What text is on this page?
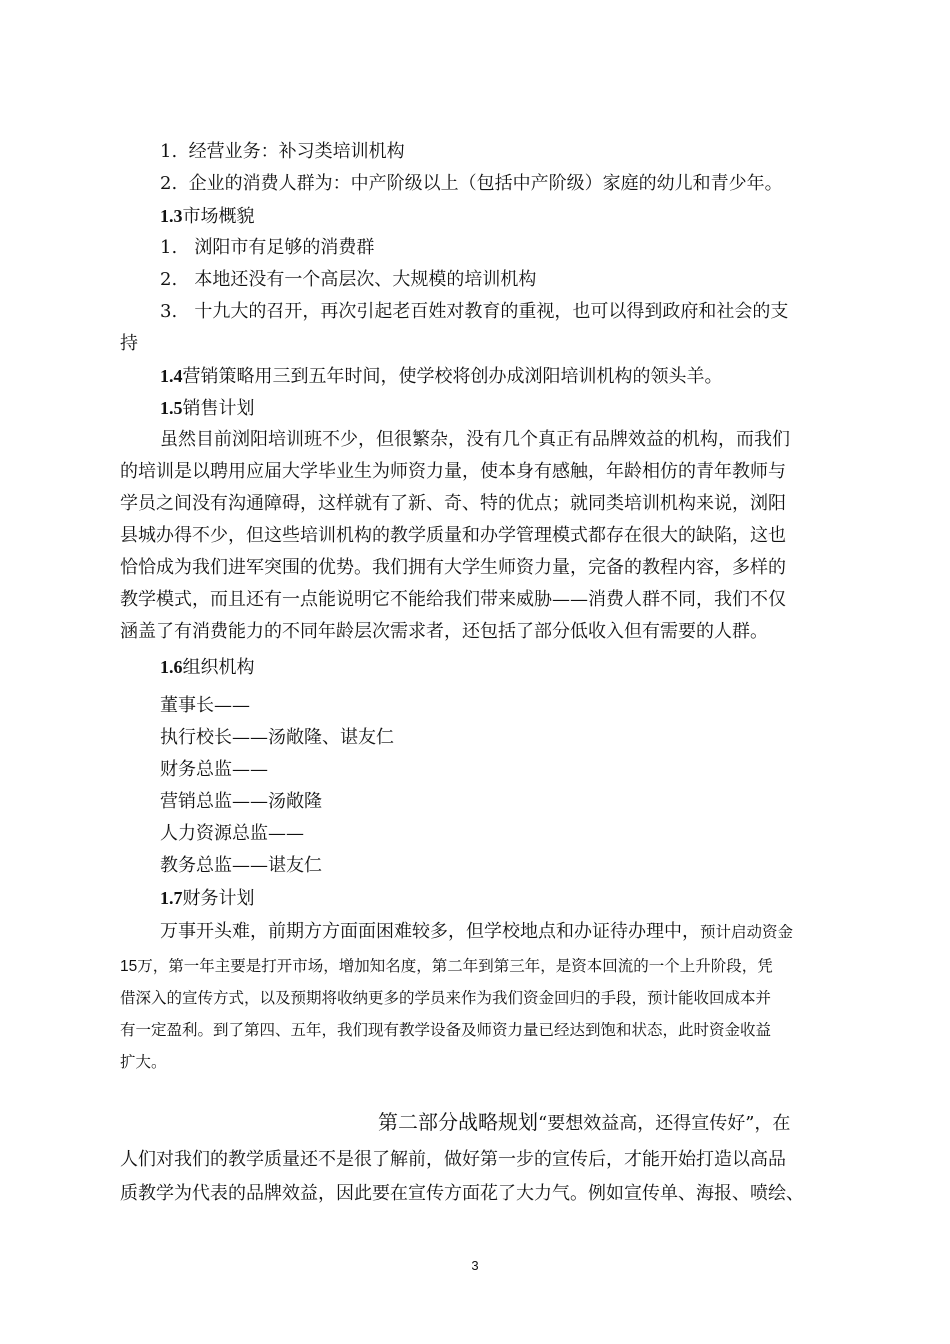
1. 经营业务：补习类培训机构
2. 企业的消费人群为：中产阶级以上（包括中产阶级）家庭的幼儿和青少年。
1.3市场概貌
1. 浏阳市有足够的消费群
2. 本地还没有一个高层次、大规模的培训机构
3. 十九大的召开，再次引起老百姓对教育的重视，也可以得到政府和社会的支
持
1.4营销策略用三到五年时间，使学校将创办成浏阳培训机构的领头羊。
1.5销售计划
虽然目前浏阳培训班不少，但很繁杂，没有几个真正有品牌效益的机构，而我们
的培训是以聘用应届大学毕业生为师资力量，使本身有感触，年龄相仿的青年教师与
学员之间没有沟通障碍，这样就有了新、奇、特的优点；就同类培训机构来说，浏阳
县城办得不少，但这些培训机构的教学质量和办学管理模式都存在很大的缺陷，这也
恰恰成为我们进军突围的优势。我们拥有大学生师资力量，完备的教程内容，多样的
教学模式，而且还有一点能说明它不能给我们带来威胁——消费人群不同，我们不仅
涵盖了有消费能力的不同年龄层次需求者，还包括了部分低收入但有需要的人群。
1.6组织机构
董事长——
执行校长——汤敞隆、谌友仁
财务总监——
营销总监——汤敞隆
人力资源总监——
教务总监——谌友仁
1.7财务计划
万事开头难，前期方方面面困难较多，但学校地点和办证待办理中，预计启动资金
15万，第一年主要是打开市场，增加知名度，第二年到第三年，是资本回流的一个上升阶段，凭
借深入的宣传方式，以及预期将收纳更多的学员来作为我们资金回归的手段，预计能收回成本并
有一定盈利。到了第四、五年，我们现有教学设备及师资力量已经达到饱和状态，此时资金收益
扩大。
第二部分战略规划“要想效益高，还得宣传好”，在
人们对我们的教学质量还不是很了解前，做好第一步的宣传后，才能开始打造以高品
质教学为代表的品牌效益，因此要在宣传方面花了大力气。例如宣传单、海报、喷绘、
3
